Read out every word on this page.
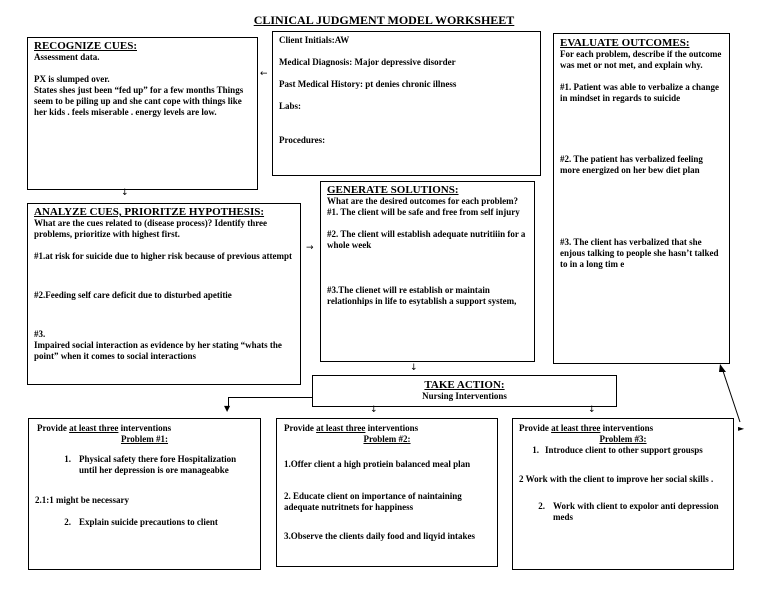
CLINICAL JUDGMENT MODEL WORKSHEET
RECOGNIZE CUES:
Assessment data.
PX is slumped over.
States shes just been “fed up” for a few months Things seem to be piling up and she cant cope with things like her kids . feels miserable . energy levels are low.
Client Initials:AW
Medical Diagnosis: Major depressive disorder
Past Medical History: pt denies chronic illness
Labs:
Procedures:
EVALUATE OUTCOMES:
For each problem, describe if the outcome was met or not met, and explain why.
#1. Patient was able to verbalize a change in mindset in regards to suicide
#2. The patient has verbalized feeling more energized on her bew diet plan
#3. The client has verbalized that she enjous talking to people she hasn’t talked to in a long tim e
ANALYZE CUES, PRIORITZE HYPOTHESIS:
What are the cues related to (disease process)? Identify three problems, prioritize with highest first.
#1.at risk for suicide due to higher risk because of previous attempt
#2.Feeding self care deficit due to disturbed apetitie
#3.
Impaired social interaction as evidence by her stating “whats the point” when it comes to social interactions
GENERATE SOLUTIONS:
What are the desired outcomes for each problem?
#1. The client will be safe and free from self injury
#2. The client will establish adequate nutritiiin for a whole week
#3.The clienet will re establish or maintain relationhips in life to esytablish a support system,
TAKE ACTION:
Nursing Interventions
Provide at least three interventions
Problem #1:
1. Physical safety there fore Hospitalization until her depression is ore manageabke
2.1:1 might be necessary
2. Explain suicide precautions to client
Provide at least three interventions
Problem #2:
1.Offer client a high protiein balanced meal plan
2. Educate client on importance of naintaining adequate nutritnets for happiness
3.Observe the clients daily food and liqyid intakes
Provide at least three interventions
Problem #3:
1. Introduce client to other support grousps
2 Work with the client to improve her social skills .
2. Work with client to expolor anti depression meds
←
↓
→
↓
↓	↓
▼
►
